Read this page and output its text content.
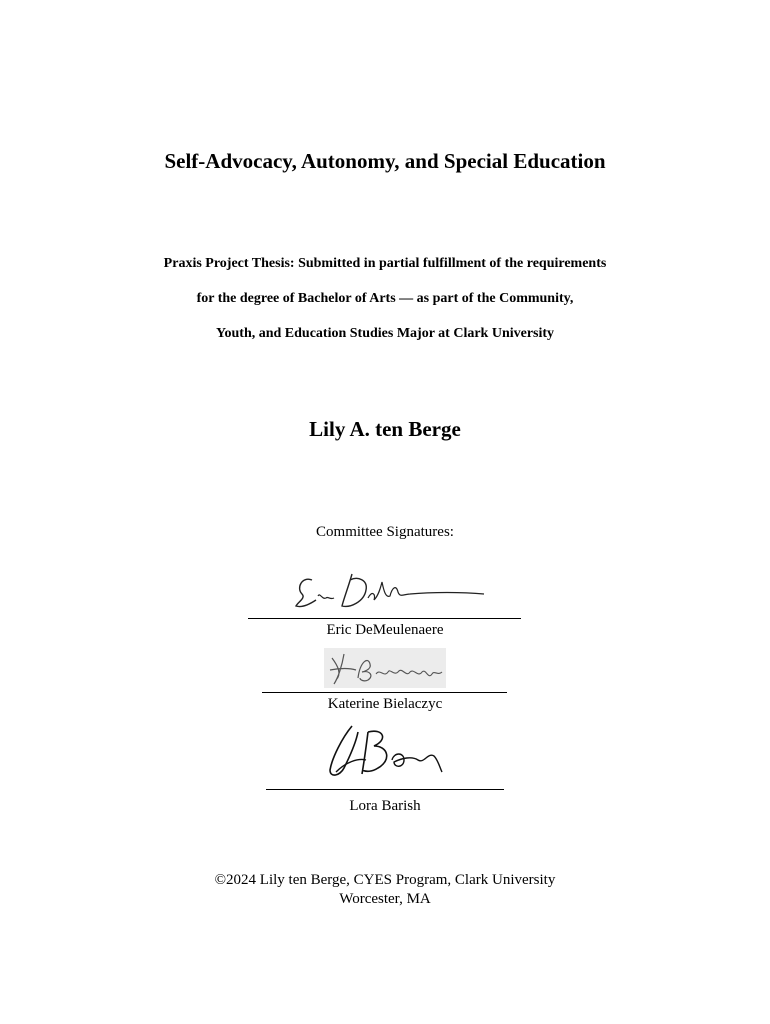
Self-Advocacy, Autonomy, and Special Education
Praxis Project Thesis: Submitted in partial fulfillment of the requirements
for the degree of Bachelor of Arts — as part of the Community,
Youth, and Education Studies Major at Clark University
Lily A. ten Berge
Committee Signatures:
Eric DeMeulenaere
Katerine Bielaczyc
Lora Barish
©2024 Lily ten Berge, CYES Program, Clark University
Worcester, MA
